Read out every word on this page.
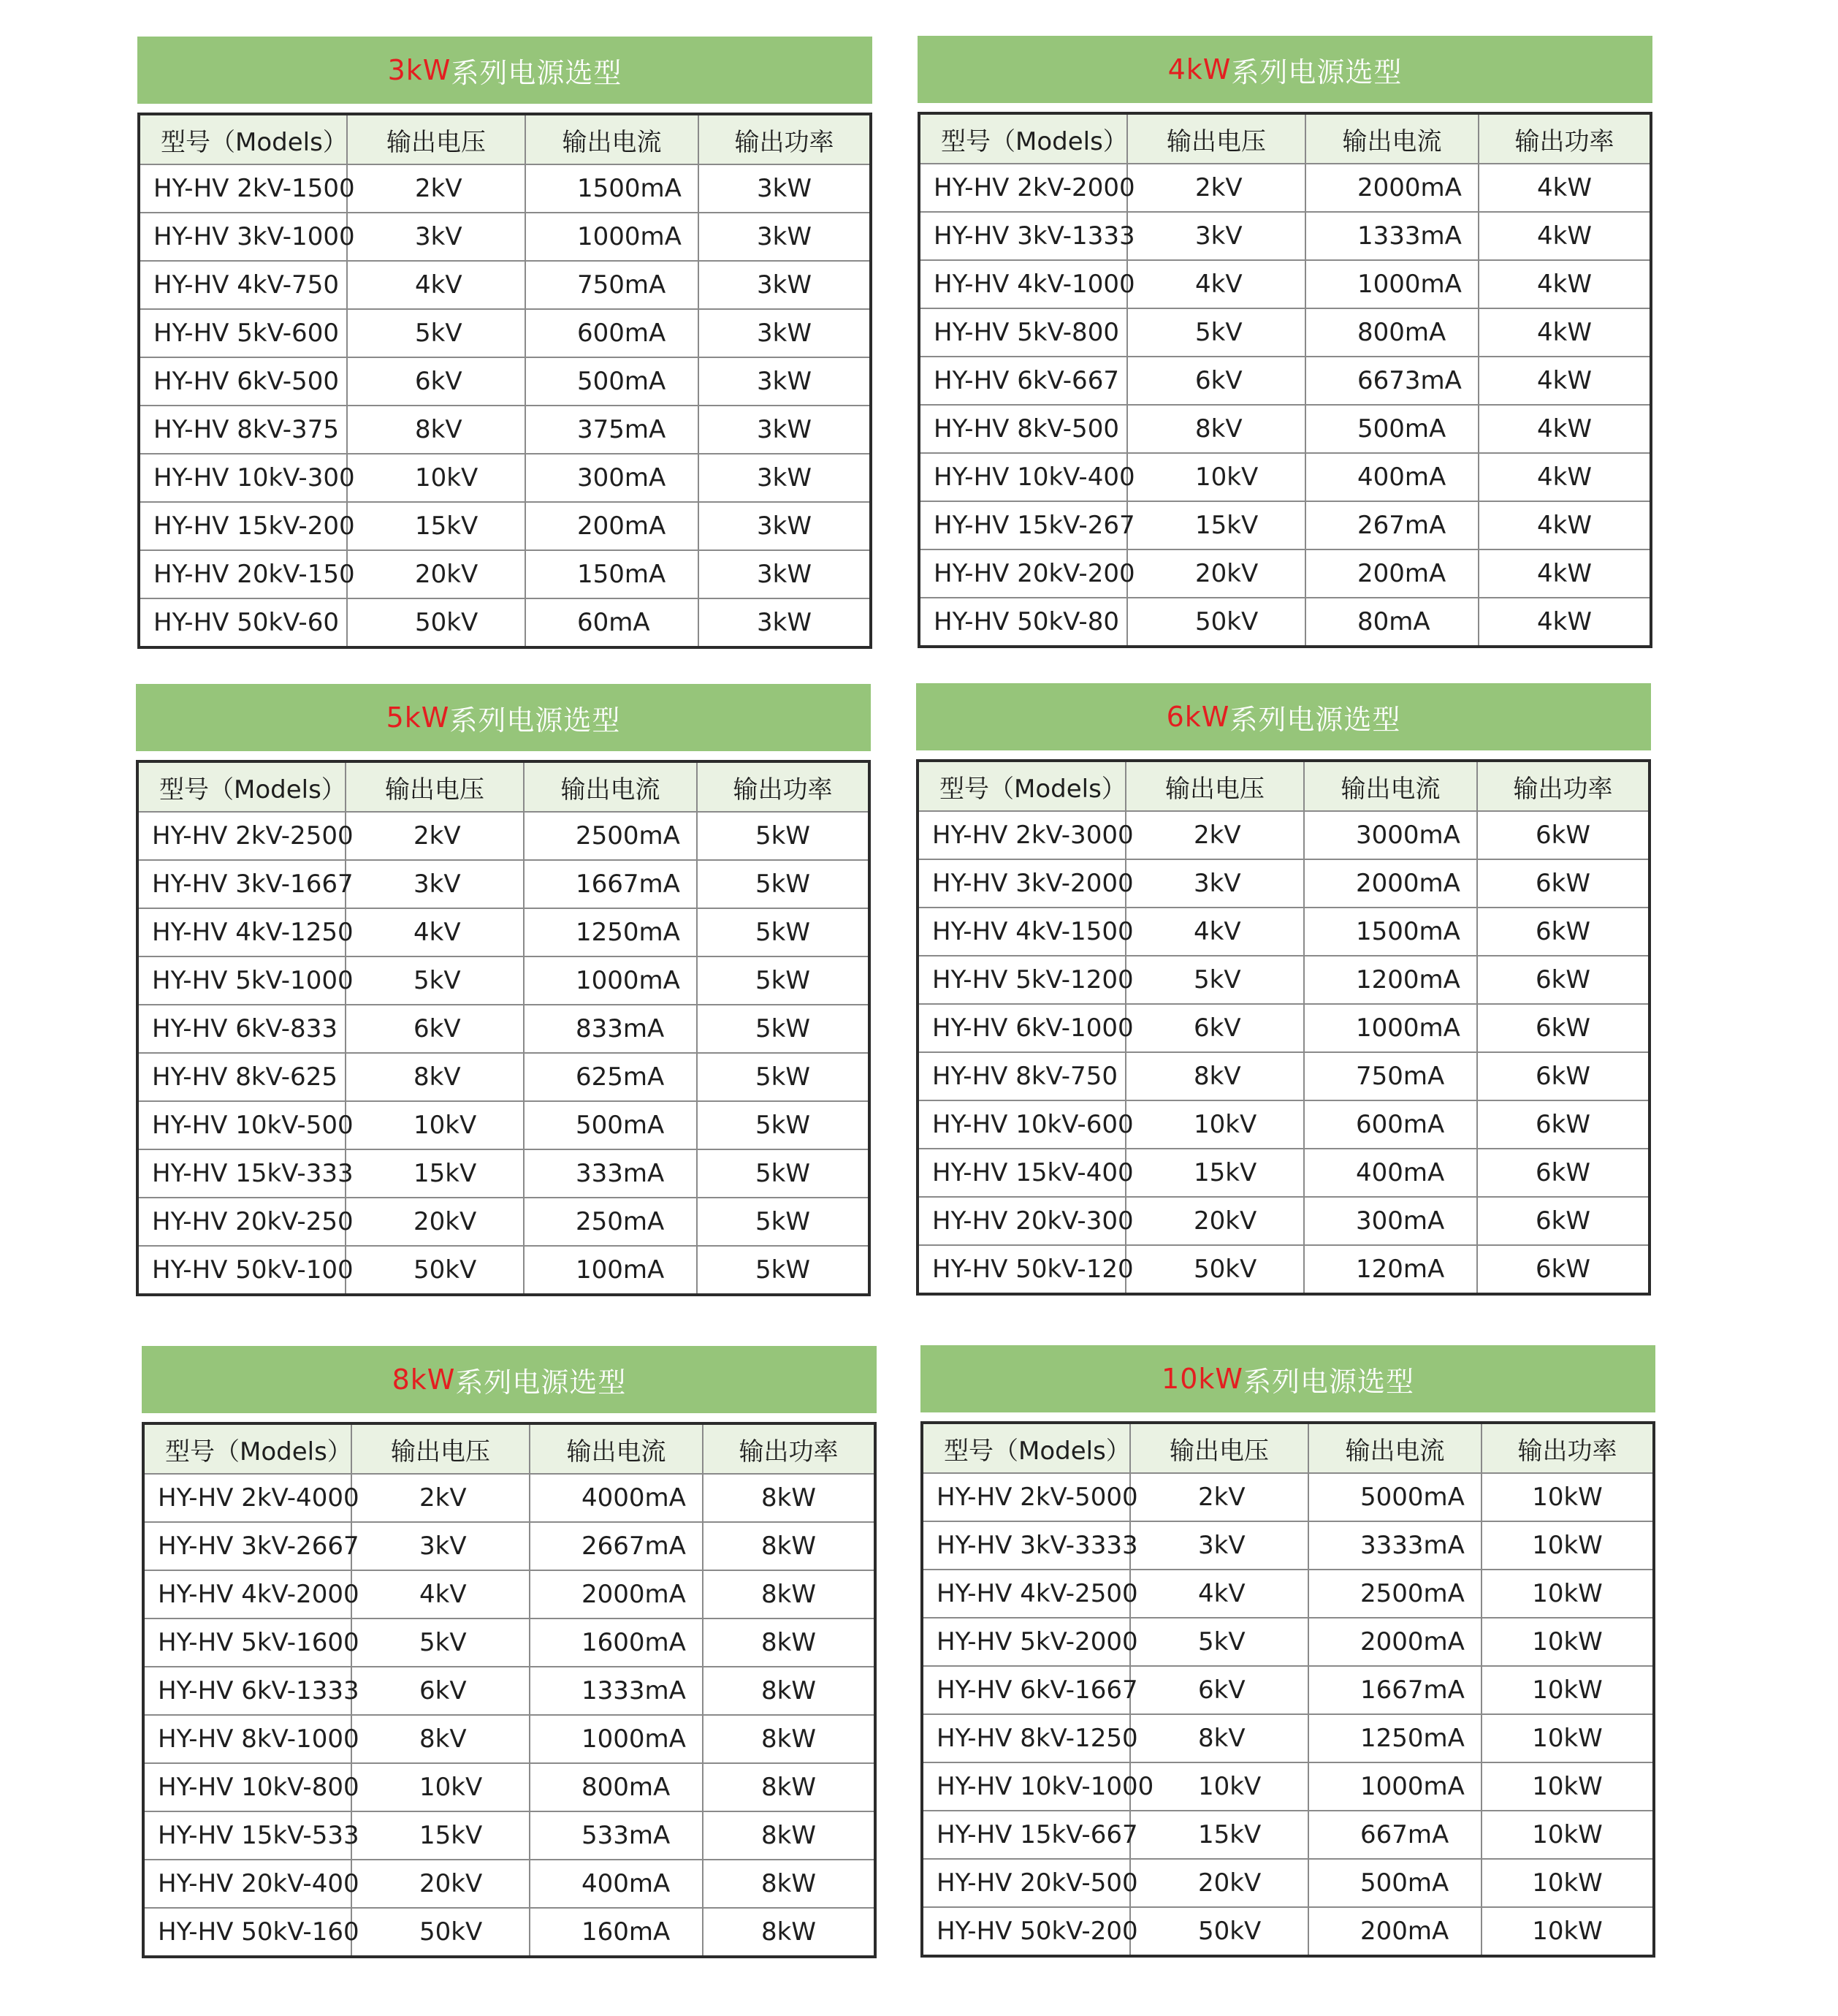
3kW 系列电源选型
型号（Models）	输出电压	输出电流	输出功率
HY-HV 2kV-1500	2kV	1500mA	3kW
HY-HV 3kV-1000	3kV	1000mA	3kW
HY-HV 4kV-750	4kV	750mA	3kW
HY-HV 5kV-600	5kV	600mA	3kW
HY-HV 6kV-500	6kV	500mA	3kW
HY-HV 8kV-375	8kV	375mA	3kW
HY-HV 10kV-300	10kV	300mA	3kW
HY-HV 15kV-200	15kV	200mA	3kW
HY-HV 20kV-150	20kV	150mA	3kW
HY-HV 50kV-60	50kV	60mA	3kW
4kW 系列电源选型
型号（Models）	输出电压	输出电流	输出功率
HY-HV 2kV-2000	2kV	2000mA	4kW
HY-HV 3kV-1333	3kV	1333mA	4kW
HY-HV 4kV-1000	4kV	1000mA	4kW
HY-HV 5kV-800	5kV	800mA	4kW
HY-HV 6kV-667	6kV	6673mA	4kW
HY-HV 8kV-500	8kV	500mA	4kW
HY-HV 10kV-400	10kV	400mA	4kW
HY-HV 15kV-267	15kV	267mA	4kW
HY-HV 20kV-200	20kV	200mA	4kW
HY-HV 50kV-80	50kV	80mA	4kW
5kW 系列电源选型
型号（Models）	输出电压	输出电流	输出功率
HY-HV 2kV-2500	2kV	2500mA	5kW
HY-HV 3kV-1667	3kV	1667mA	5kW
HY-HV 4kV-1250	4kV	1250mA	5kW
HY-HV 5kV-1000	5kV	1000mA	5kW
HY-HV 6kV-833	6kV	833mA	5kW
HY-HV 8kV-625	8kV	625mA	5kW
HY-HV 10kV-500	10kV	500mA	5kW
HY-HV 15kV-333	15kV	333mA	5kW
HY-HV 20kV-250	20kV	250mA	5kW
HY-HV 50kV-100	50kV	100mA	5kW
6kW 系列电源选型
型号（Models）	输出电压	输出电流	输出功率
HY-HV 2kV-3000	2kV	3000mA	6kW
HY-HV 3kV-2000	3kV	2000mA	6kW
HY-HV 4kV-1500	4kV	1500mA	6kW
HY-HV 5kV-1200	5kV	1200mA	6kW
HY-HV 6kV-1000	6kV	1000mA	6kW
HY-HV 8kV-750	8kV	750mA	6kW
HY-HV 10kV-600	10kV	600mA	6kW
HY-HV 15kV-400	15kV	400mA	6kW
HY-HV 20kV-300	20kV	300mA	6kW
HY-HV 50kV-120	50kV	120mA	6kW
8kW 系列电源选型
型号（Models）	输出电压	输出电流	输出功率
HY-HV 2kV-4000	2kV	4000mA	8kW
HY-HV 3kV-2667	3kV	2667mA	8kW
HY-HV 4kV-2000	4kV	2000mA	8kW
HY-HV 5kV-1600	5kV	1600mA	8kW
HY-HV 6kV-1333	6kV	1333mA	8kW
HY-HV 8kV-1000	8kV	1000mA	8kW
HY-HV 10kV-800	10kV	800mA	8kW
HY-HV 15kV-533	15kV	533mA	8kW
HY-HV 20kV-400	20kV	400mA	8kW
HY-HV 50kV-160	50kV	160mA	8kW
10kW 系列电源选型
型号（Models）	输出电压	输出电流	输出功率
HY-HV 2kV-5000	2kV	5000mA	10kW
HY-HV 3kV-3333	3kV	3333mA	10kW
HY-HV 4kV-2500	4kV	2500mA	10kW
HY-HV 5kV-2000	5kV	2000mA	10kW
HY-HV 6kV-1667	6kV	1667mA	10kW
HY-HV 8kV-1250	8kV	1250mA	10kW
HY-HV 10kV-1000	10kV	1000mA	10kW
HY-HV 15kV-667	15kV	667mA	10kW
HY-HV 20kV-500	20kV	500mA	10kW
HY-HV 50kV-200	50kV	200mA	10kW
